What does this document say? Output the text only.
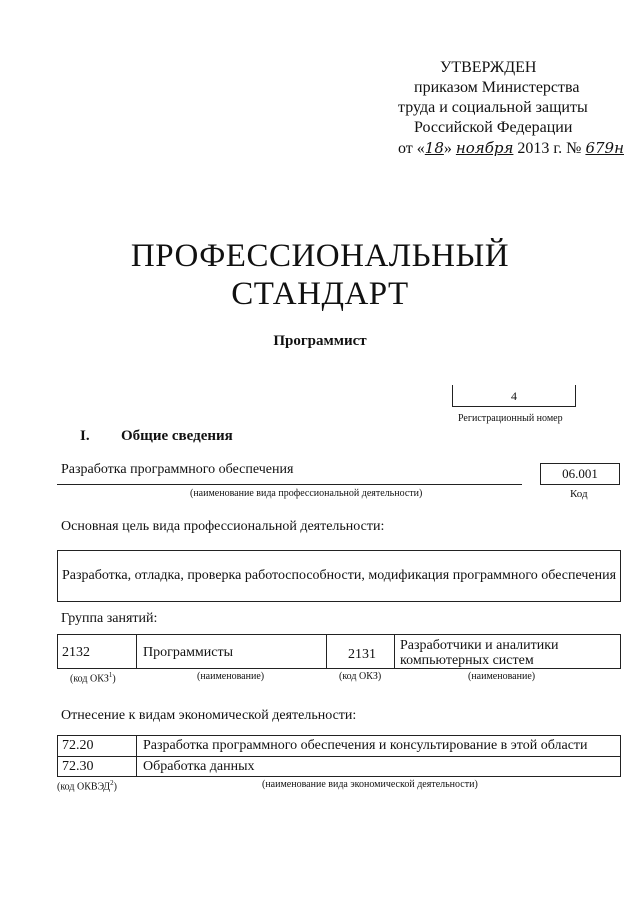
УТВЕРЖДЕН
приказом Министерства
труда и социальной защиты
Российской Федерации
от «18» ноября 2013 г. № 679н
ПРОФЕССИОНАЛЬНЫЙ
СТАНДАРТ
Программист
4
Регистрационный номер
I. Общие сведения
Разработка программного обеспечения
(наименование вида профессиональной деятельности)
06.001
Код
Основная цель вида профессиональной деятельности:
Разработка, отладка, проверка работоспособности, модификация программного обеспечения
Группа занятий:
2132	Программисты	2131
Разработчики и аналитики
компьютерных систем
(код ОКЗ$^1$)	(наименование)	(код ОКЗ)	(наименование)
Отнесение к видам экономической деятельности:
72.20	Разработка программного обеспечения и консультирование в этой области
72.30	Обработка данных
(код ОКВЭД$^2$)	(наименование вида экономической деятельности)
